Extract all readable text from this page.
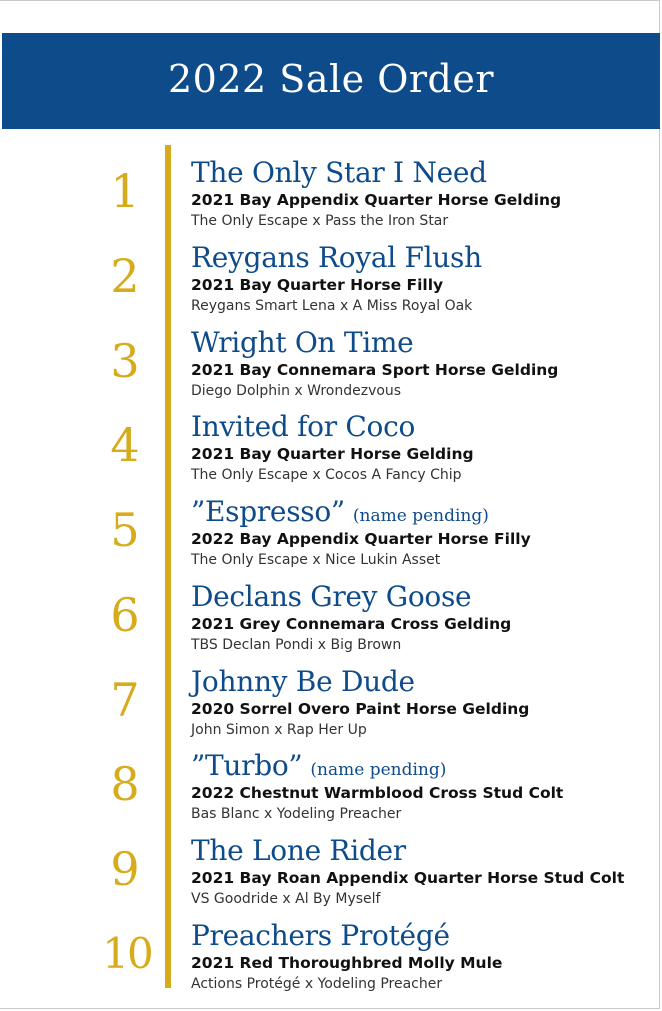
2022 Sale Order
1	The Only Star I Need
2021 Bay Appendix Quarter Horse Gelding
The Only Escape x Pass the Iron Star
2	Reygans Royal Flush
2021 Bay Quarter Horse Filly
Reygans Smart Lena x A Miss Royal Oak
3	Wright On Time
2021 Bay Connemara Sport Horse Gelding
Diego Dolphin x Wrondezvous
4	Invited for Coco
2021 Bay Quarter Horse Gelding
The Only Escape x Cocos A Fancy Chip
5	”Espresso” (name pending)
2022 Bay Appendix Quarter Horse Filly
The Only Escape x Nice Lukin Asset
6	Declans Grey Goose
2021 Grey Connemara Cross Gelding
TBS Declan Pondi x Big Brown
7	Johnny Be Dude
2020 Sorrel Overo Paint Horse Gelding
John Simon x Rap Her Up
8	”Turbo” (name pending)
2022 Chestnut Warmblood Cross Stud Colt
Bas Blanc x Yodeling Preacher
9	The Lone Rider
2021 Bay Roan Appendix Quarter Horse Stud Colt
VS Goodride x Al By Myself
10 Preachers Protégé
2021 Red Thoroughbred Molly Mule
Actions Protégé x Yodeling Preacher
